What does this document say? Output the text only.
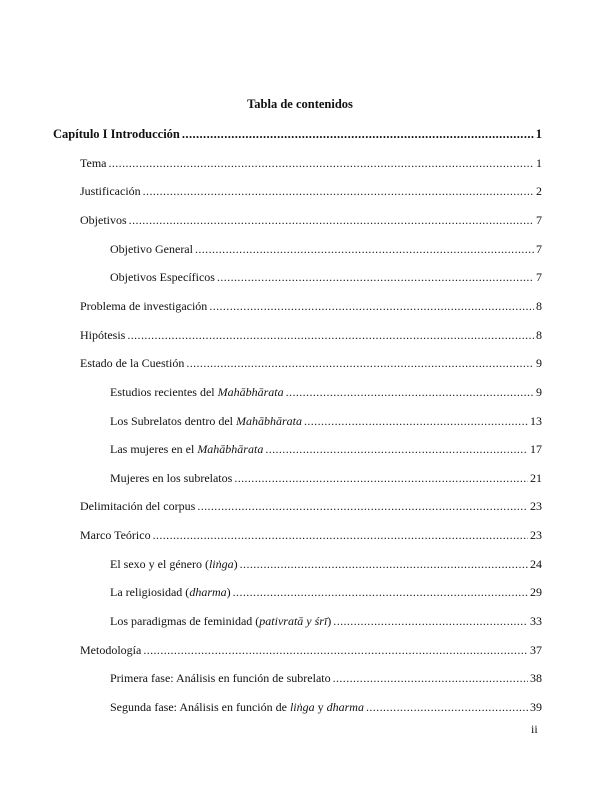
Tabla de contenidos
Capítulo I Introducción .....	1
Tema .....	1
Justificación .....	2
Objetivos .....	7
Objetivo General .....	7
Objetivos Específicos .....	7
Problema de investigación .....	8
Hipótesis .....	8
Estado de la Cuestión .....	9
Estudios recientes del Mahābhārata .....	9
Los Subrelatos dentro del Mahābhārata .....	13
Las mujeres en el Mahābhārata .....	17
Mujeres en los subrelatos .....	21
Delimitación del corpus .....	23
Marco Teórico .....	23
El sexo y el género (liṅga) .....	24
La religiosidad (dharma) .....	29
Los paradigmas de feminidad (pativratā y śrī) .....	33
Metodología .....	37
Primera fase: Análisis en función de subrelato .....	38
Segunda fase: Análisis en función de liṅga y dharma .....	39
ii
